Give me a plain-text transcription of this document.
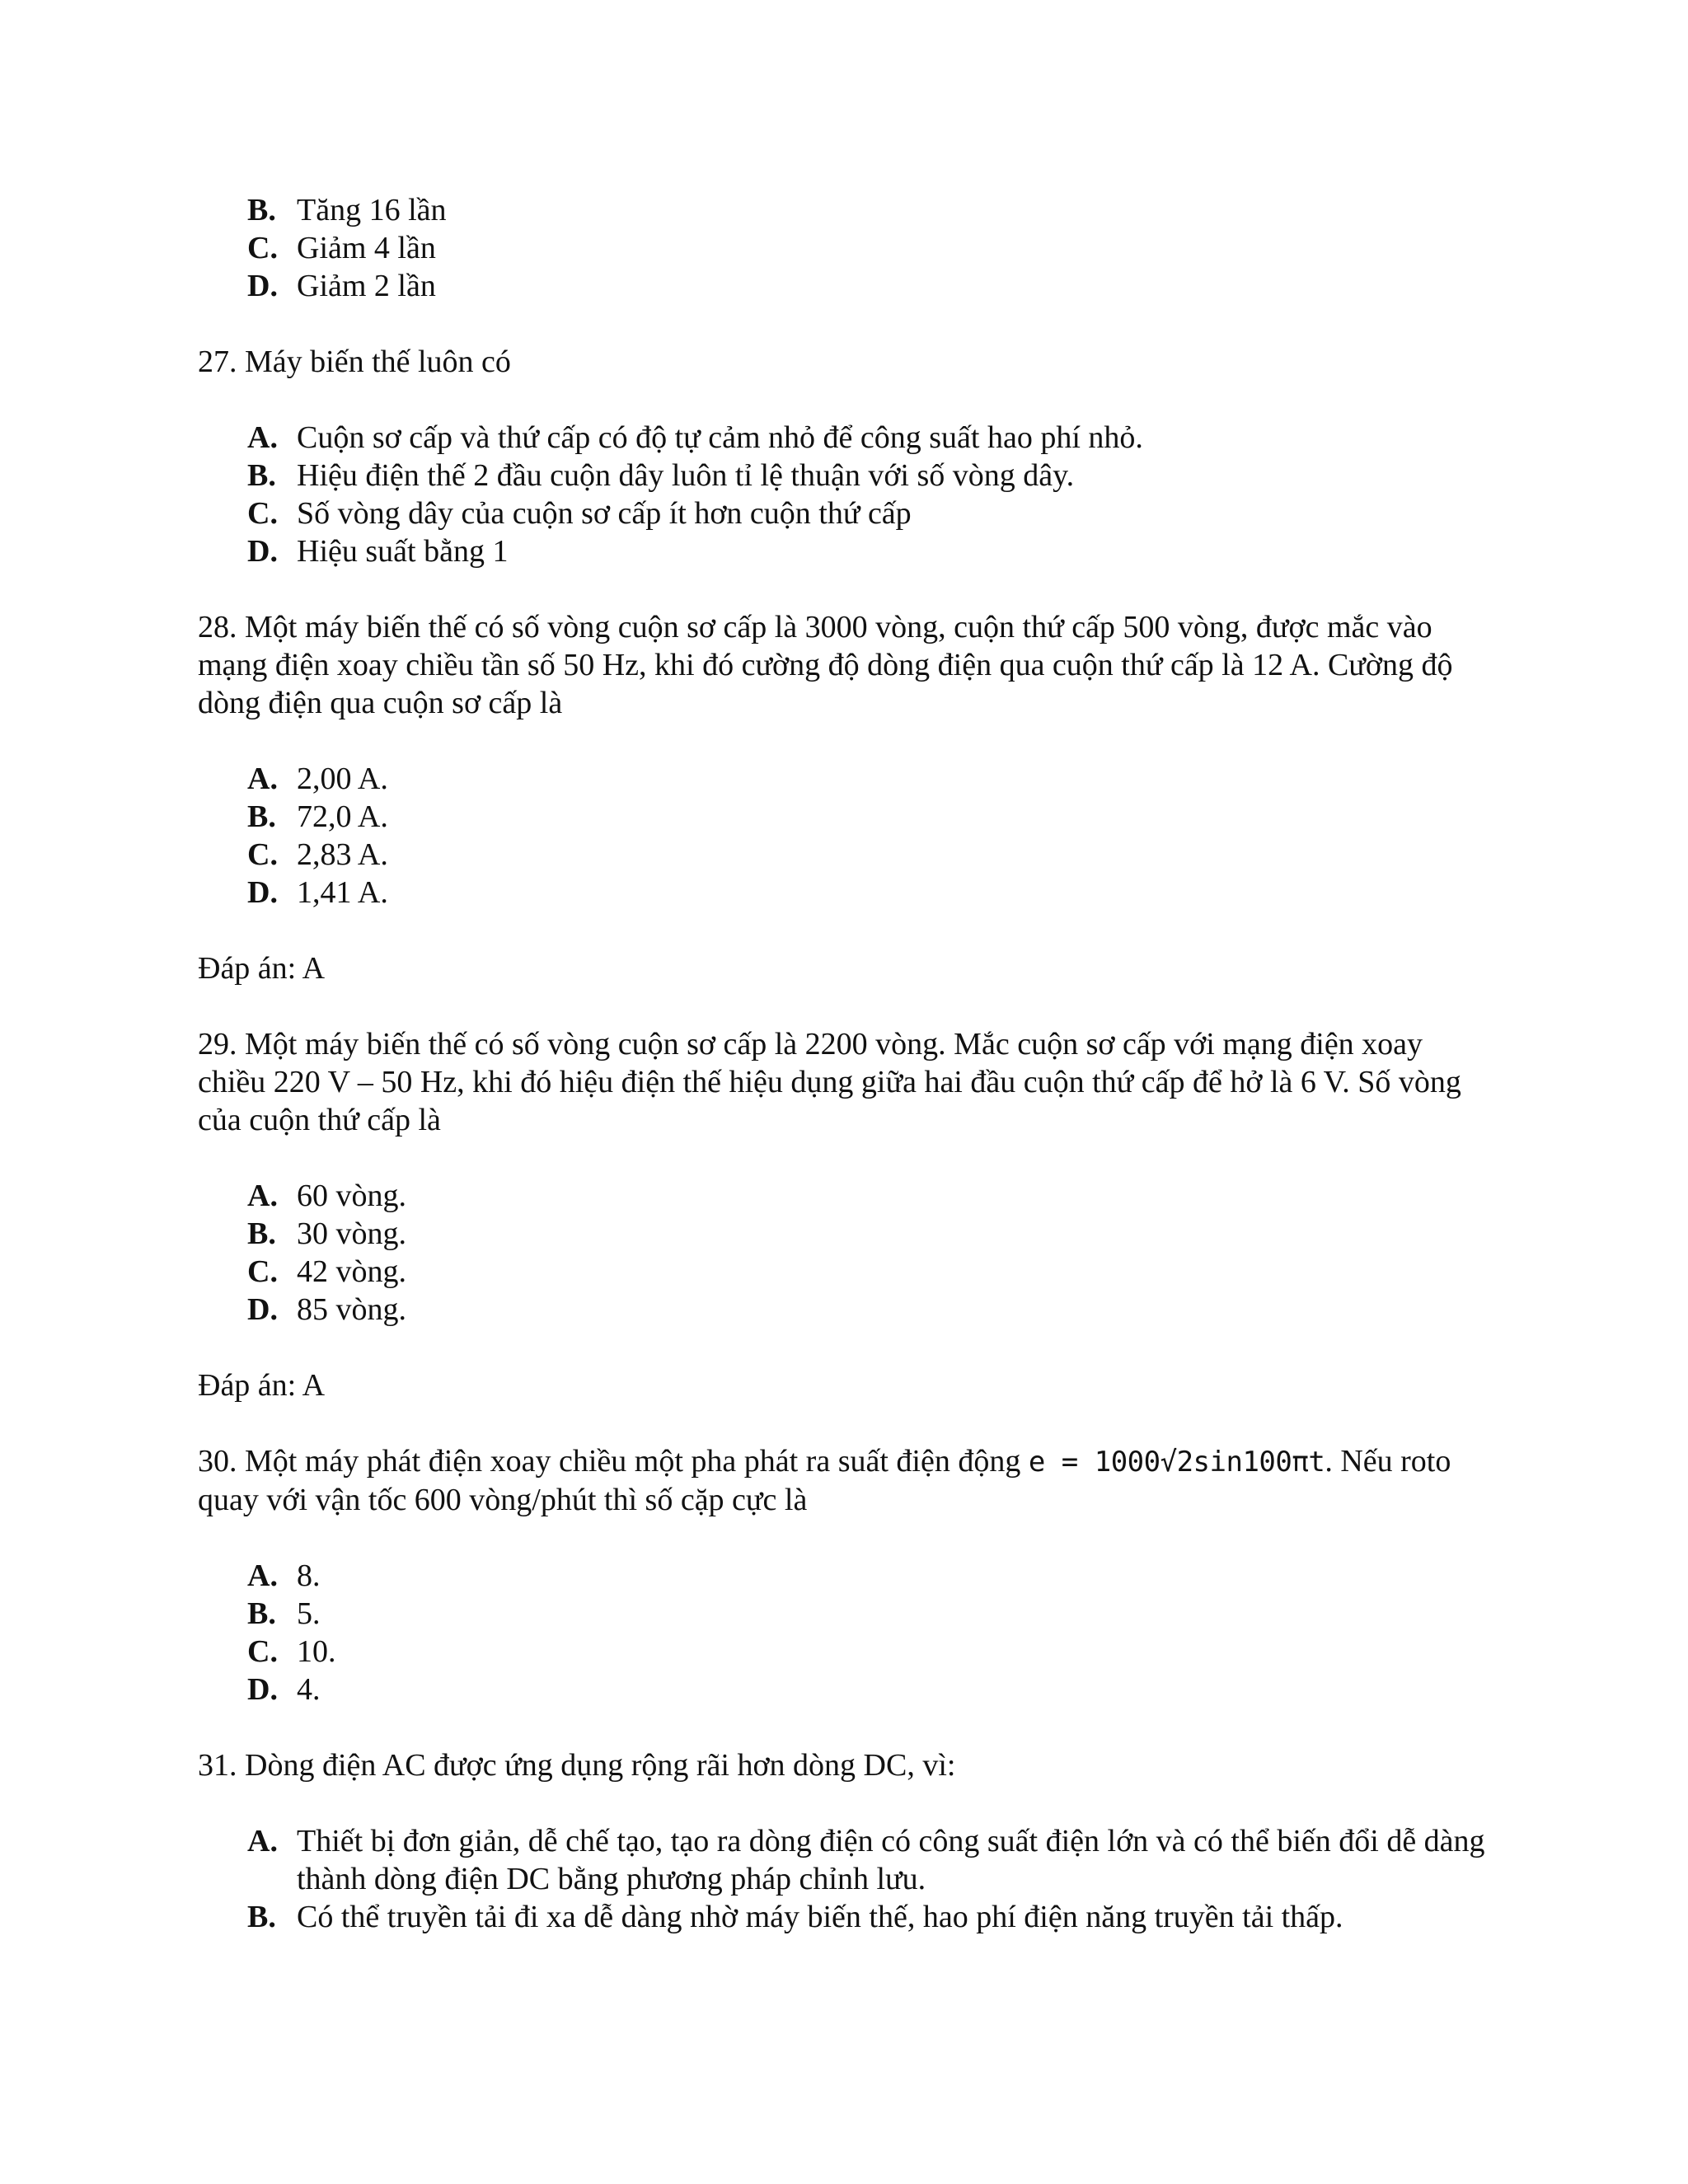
B. Tăng 16 lần
C. Giảm 4 lần
D. Giảm 2 lần

27. Máy biến thế luôn có

A. Cuộn sơ cấp và thứ cấp có độ tự cảm nhỏ để công suất hao phí nhỏ.
B. Hiệu điện thế 2 đầu cuộn dây luôn tỉ lệ thuận với số vòng dây.
C. Số vòng dây của cuộn sơ cấp ít hơn cuộn thứ cấp
D. Hiệu suất bằng 1

28. Một máy biến thế có số vòng cuộn sơ cấp là 3000 vòng, cuộn thứ cấp 500 vòng, được mắc vào mạng điện xoay chiều tần số 50 Hz, khi đó cường độ dòng điện qua cuộn thứ cấp là 12 A. Cường độ dòng điện qua cuộn sơ cấp là

A. 2,00 A.
B. 72,0 A.
C. 2,83 A.
D. 1,41 A.

Đáp án: A

29. Một máy biến thế có số vòng cuộn sơ cấp là 2200 vòng. Mắc cuộn sơ cấp với mạng điện xoay chiều 220 V – 50 Hz, khi đó hiệu điện thế hiệu dụng giữa hai đầu cuộn thứ cấp để hở là 6 V. Số vòng của cuộn thứ cấp là

A. 60 vòng.
B. 30 vòng.
C. 42 vòng.
D. 85 vòng.

Đáp án: A

30. Một máy phát điện xoay chiều một pha phát ra suất điện động e = 1000√2sin100πt. Nếu roto quay với vận tốc 600 vòng/phút thì số cặp cực là

A. 8.
B. 5.
C. 10.
D. 4.

31. Dòng điện AC được ứng dụng rộng rãi hơn dòng DC, vì:

A. Thiết bị đơn giản, dễ chế tạo, tạo ra dòng điện có công suất điện lớn và có thể biến đổi dễ dàng thành dòng điện DC bằng phương pháp chỉnh lưu.
B. Có thể truyền tải đi xa dễ dàng nhờ máy biến thế, hao phí điện năng truyền tải thấp.
